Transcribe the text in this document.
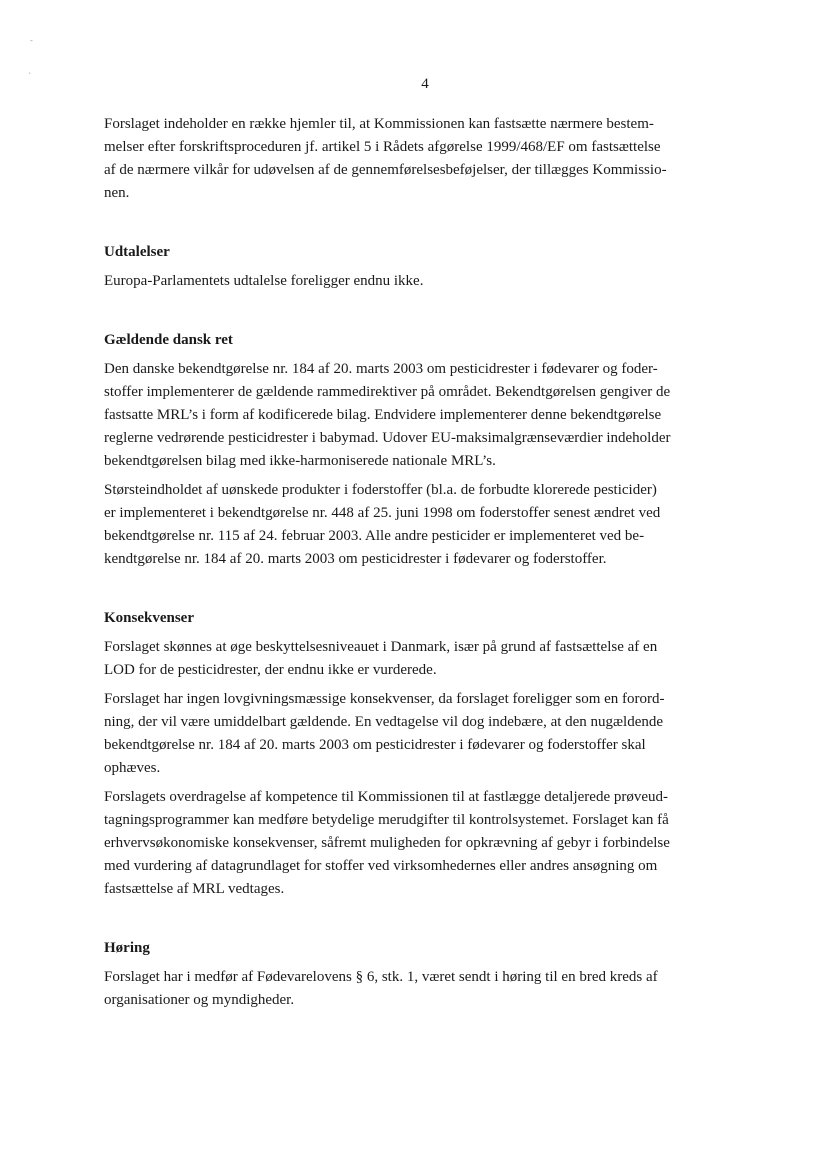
-
`	4
Forslaget indeholder en række hjemler til, at Kommissionen kan fastsætte nærmere bestem-
melser efter forskriftsproceduren jf. artikel 5 i Rådets afgørelse 1999/468/EF om fastsættelse
af de nærmere vilkår for udøvelsen af de gennemførelsesbeføjelser, der tillægges Kommissio-
nen.
Udtalelser
Europa-Parlamentets udtalelse foreligger endnu ikke.
Gældende dansk ret
Den danske bekendtgørelse nr. 184 af 20. marts 2003 om pesticidrester i fødevarer og foder-
stoffer implementerer de gældende rammedirektiver på området. Bekendtgørelsen gengiver de
fastsatte MRL’s i form af kodificerede bilag. Endvidere implementerer denne bekendtgørelse
reglerne vedrørende pesticidrester i babymad. Udover EU-maksimalgrænseværdier indeholder
bekendtgørelsen bilag med ikke-harmoniserede nationale MRL’s.
Størsteindholdet af uønskede produkter i foderstoffer (bl.a. de forbudte klorerede pesticider)
er implementeret i bekendtgørelse nr. 448 af 25. juni 1998 om foderstoffer senest ændret ved
bekendtgørelse nr. 115 af 24. februar 2003. Alle andre pesticider er implementeret ved be-
kendtgørelse nr. 184 af 20. marts 2003 om pesticidrester i fødevarer og foderstoffer.
Konsekvenser
Forslaget skønnes at øge beskyttelsesniveauet i Danmark, især på grund af fastsættelse af en
LOD for de pesticidrester, der endnu ikke er vurderede.
Forslaget har ingen lovgivningsmæssige konsekvenser, da forslaget foreligger som en forord-
ning, der vil være umiddelbart gældende. En vedtagelse vil dog indebære, at den nugældende
bekendtgørelse nr. 184 af 20. marts 2003 om pesticidrester i fødevarer og foderstoffer skal
ophæves.
Forslagets overdragelse af kompetence til Kommissionen til at fastlægge detaljerede prøveud-
tagningsprogrammer kan medføre betydelige merudgifter til kontrolsystemet. Forslaget kan få
erhvervsøkonomiske konsekvenser, såfremt muligheden for opkrævning af gebyr i forbindelse
med vurdering af datagrundlaget for stoffer ved virksomhedernes eller andres ansøgning om
fastsættelse af MRL vedtages.
Høring
Forslaget har i medfør af Fødevarelovens § 6, stk. 1, været sendt i høring til en bred kreds af
organisationer og myndigheder.
